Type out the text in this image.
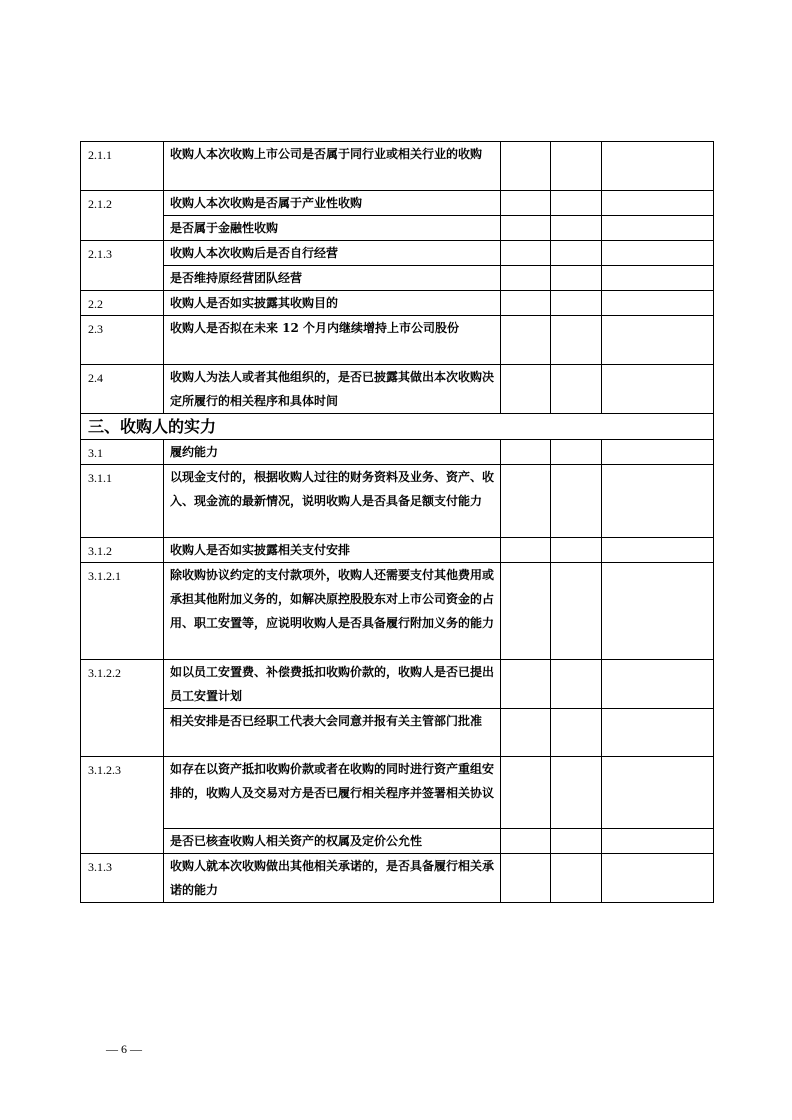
2.1.1	收购人本次收购上市公司是否属于同行业或相关行业的收购			
2.1.2	收购人本次收购是否属于产业性收购			
	是否属于金融性收购			
2.1.3	收购人本次收购后是否自行经营			
	是否维持原经营团队经营			
2.2	收购人是否如实披露其收购目的			
2.3	收购人是否拟在未来 12 个月内继续增持上市公司股份			
2.4	收购人为法人或者其他组织的，是否已披露其做出本次收购决定所履行的相关程序和具体时间			
三、收购人的实力				
3.1	履约能力			
3.1.1	以现金支付的，根据收购人过往的财务资料及业务、资产、收入、现金流的最新情况，说明收购人是否具备足额支付能力			
3.1.2	收购人是否如实披露相关支付安排			
3.1.2.1	除收购协议约定的支付款项外，收购人还需要支付其他费用或承担其他附加义务的，如解决原控股股东对上市公司资金的占用、职工安置等，应说明收购人是否具备履行附加义务的能力			
3.1.2.2	如以员工安置费、补偿费抵扣收购价款的，收购人是否已提出员工安置计划			
	相关安排是否已经职工代表大会同意并报有关主管部门批准			
3.1.2.3	如存在以资产抵扣收购价款或者在收购的同时进行资产重组安排的，收购人及交易对方是否已履行相关程序并签署相关协议			
	是否已核查收购人相关资产的权属及定价公允性			
3.1.3	收购人就本次收购做出其他相关承诺的，是否具备履行相关承诺的能力			
— 6 —
